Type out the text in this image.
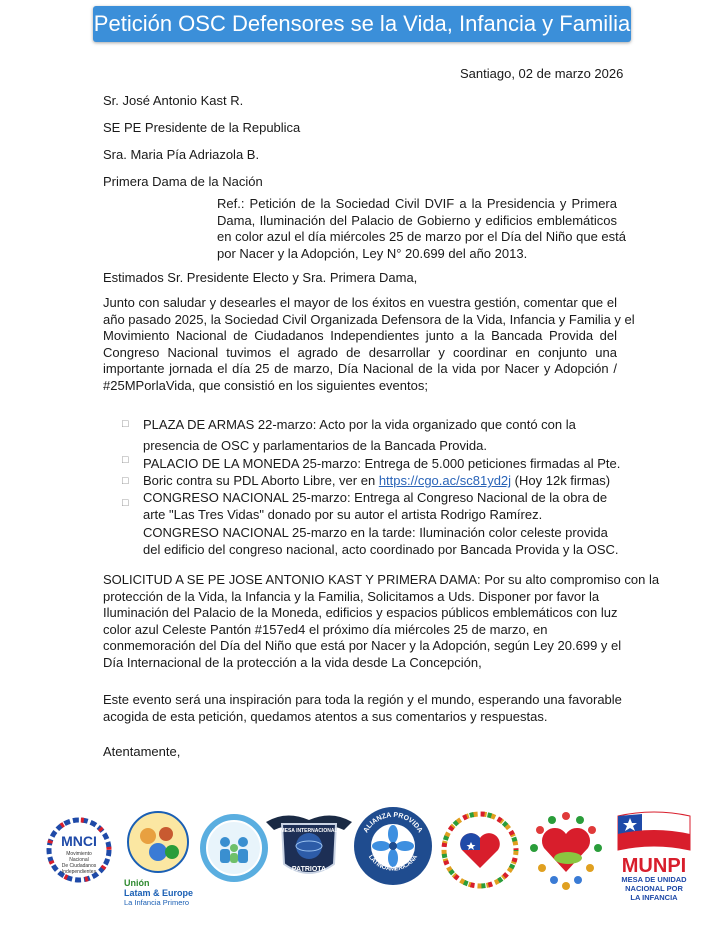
Petición OSC Defensores se la Vida, Infancia y Familia
Santiago, 02 de marzo 2026
Sr. José Antonio Kast R.
SE PE Presidente de la Republica
Sra. Maria Pía Adriazola B.
Primera Dama de la Nación
Ref.: Petición de la Sociedad Civil DVIF a la Presidencia y Primera
Dama, Iluminación del Palacio de Gobierno y edificios emblemáticos
en color azul el día miércoles 25 de marzo por el Día del Niño que está
por Nacer y la Adopción, Ley N° 20.699 del año 2013.
Estimados Sr. Presidente Electo y Sra. Primera Dama,
Junto con saludar y desearles el mayor de los éxitos en vuestra gestión, comentar que el
año pasado 2025, la Sociedad Civil Organizada Defensora de la Vida, Infancia y Familia y el
Movimiento Nacional de Ciudadanos Independientes junto a la Bancada Provida del
Congreso Nacional tuvimos el agrado de desarrollar y coordinar en conjunto una
importante jornada el día 25 de marzo, Día Nacional de la vida por Nacer y Adopción /
#25MPorlaVida, que consistió en los siguientes eventos;
□
□
□
□
PLAZA DE ARMAS 22-marzo: Acto por la vida organizado que contó con la
presencia de OSC y parlamentarios de la Bancada Provida.
PALACIO DE LA MONEDA 25-marzo: Entrega de 5.000 peticiones firmadas al Pte.
Boric contra su PDL Aborto Libre, ver en https://cgo.ac/sc81yd2j (Hoy 12k firmas)
CONGRESO NACIONAL 25-marzo: Entrega al Congreso Nacional de la obra de
arte "Las Tres Vidas" donado por su autor el artista Rodrigo Ramírez.
CONGRESO NACIONAL 25-marzo en la tarde: Iluminación color celeste provida
del edificio del congreso nacional, acto coordinado por Bancada Provida y la OSC.
SOLICITUD A SE PE JOSE ANTONIO KAST Y PRIMERA DAMA: Por su alto compromiso con la
protección de la Vida, la Infancia y la Familia, Solicitamos a Uds. Disponer por favor la
Iluminación del Palacio de la Moneda, edificios y espacios públicos emblemáticos con luz
color azul Celeste Pantón #157ed4 el próximo día miércoles 25 de marzo, en
conmemoración del Día del Niño que está por Nacer y la Adopción, según Ley 20.699 y el
Día Internacional de la protección a la vida desde La Concepción,
Este evento será una inspiración para toda la región y el mundo, esperando una favorable
acogida de esta petición, quedamos atentos a sus comentarios y respuestas.
Atentamente,
MNCI
Movimiento
Nacional
De Ciudadanos
Independientes
Unión
Latam & Europe
La Infancia Primero
MESA INTERNACIONAL
PATRIOTA
ALIANZA PROVIDA
LATINOAMERICANA	MUNPI
MESA DE UNIDAD
NACIONAL POR
LA INFANCIA
